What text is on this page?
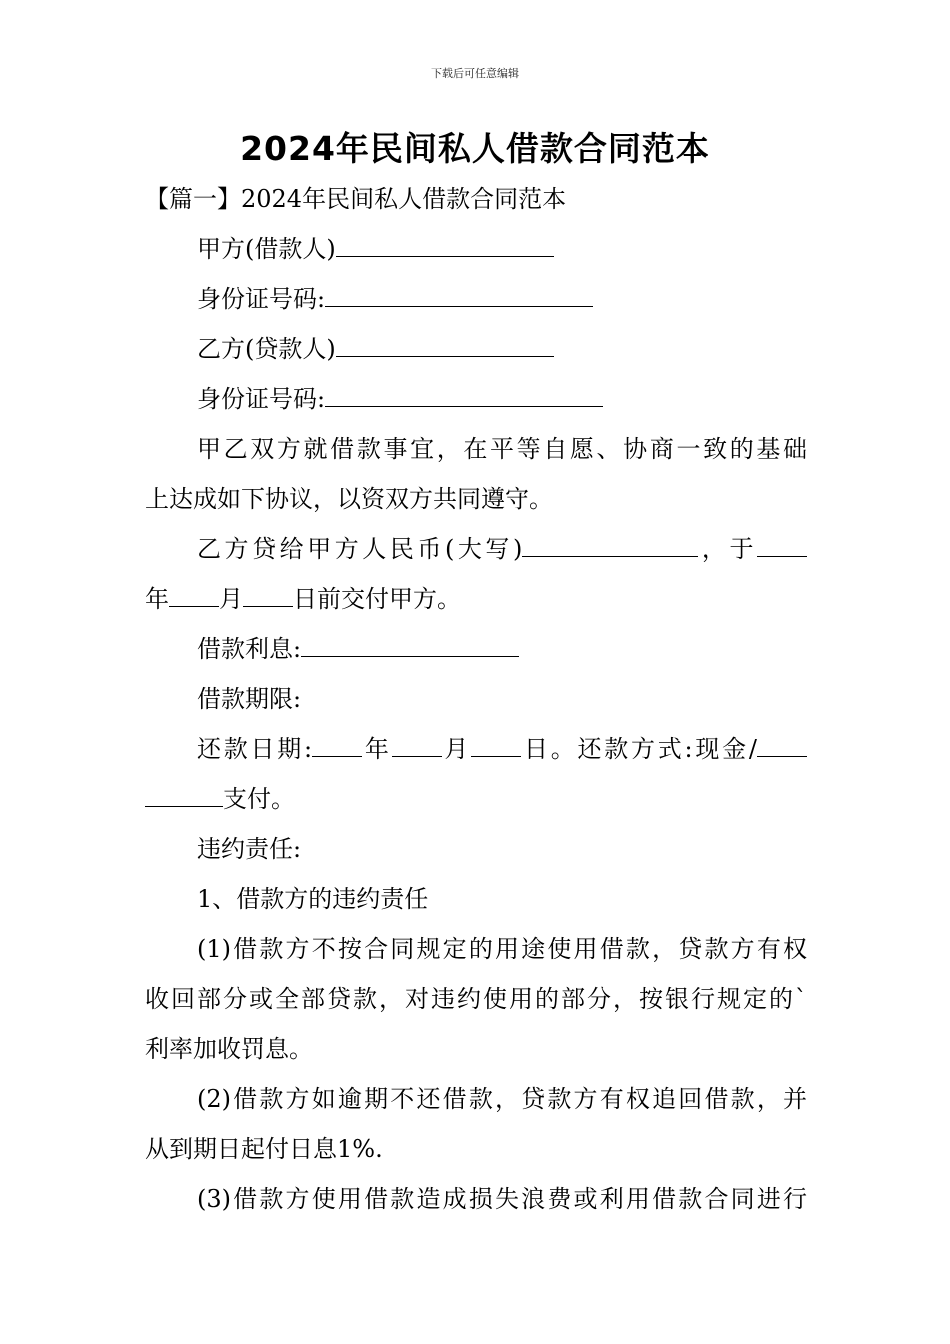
下载后可任意编辑
2024年民间私人借款合同范本

【篇一】2024年民间私人借款合同范本

甲方(借款人)

身份证号码:

乙方(贷款人)

身份证号码:

甲乙双方就借款事宜，在平等自愿、协商一致的基础

上达成如下协议，以资双方共同遵守。

乙方贷给甲方人民币(大写)	，于

年 月 日前交付甲方。

借款利息:

借款期限:

还款日期: 年 月 日。还款方式:现金/

支付。

违约责任:

1、借款方的违约责任

(1)借款方不按合同规定的用途使用借款，贷款方有权

收回部分或全部贷款，对违约使用的部分，按银行规定的`

利率加收罚息。

(2)借款方如逾期不还借款，贷款方有权追回借款，并

从到期日起付日息1%.

(3)借款方使用借款造成损失浪费或利用借款合同进行
